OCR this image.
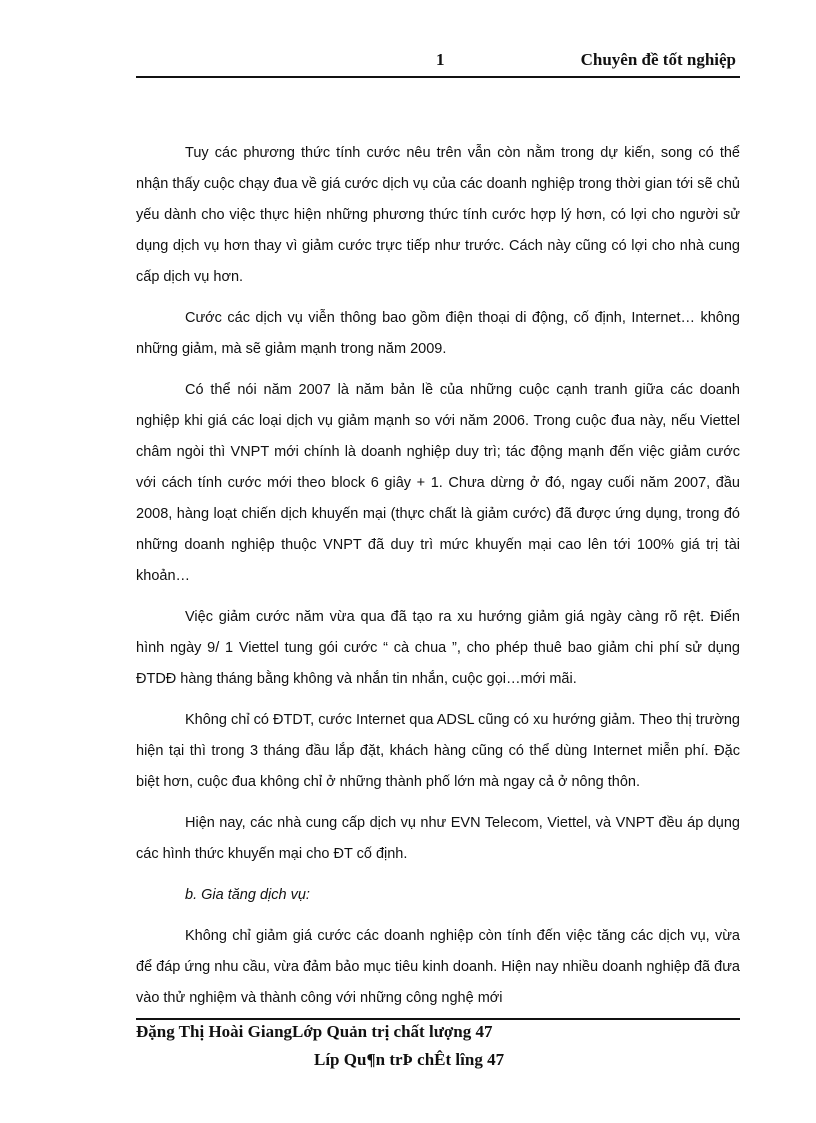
1	Chuyên đề tốt nghiệp

Tuy các phương thức tính cước nêu trên vẫn còn nằm trong dự kiến, song có thể nhận thấy cuộc chạy đua về giá cước dịch vụ của các doanh nghiệp trong thời gian tới sẽ chủ yếu dành cho việc thực hiện những phương thức tính cước hợp lý hơn, có lợi cho người sử dụng dịch vụ hơn thay vì giảm cước trực tiếp như trước. Cách này cũng có lợi cho nhà cung cấp dịch vụ hơn.

Cước các dịch vụ viễn thông bao gồm điện thoại di động, cố định, Internet… không những giảm, mà sẽ giảm mạnh trong năm 2009.

Có thể nói năm 2007 là năm bản lề của những cuộc cạnh tranh giữa các doanh nghiệp khi giá các loại dịch vụ giảm mạnh so với năm 2006. Trong cuộc đua này, nếu Viettel châm ngòi thì VNPT mới chính là doanh nghiệp duy trì; tác động mạnh đến việc giảm cước với cách tính cước mới theo block 6 giây + 1. Chưa dừng ở đó, ngay cuối năm 2007, đầu 2008, hàng loạt chiến dịch khuyến mại (thực chất là giảm cước) đã được ứng dụng, trong đó những doanh nghiệp thuộc VNPT đã duy trì mức khuyến mại cao lên tới 100% giá trị tài khoản…

Việc giảm cước năm vừa qua đã tạo ra xu hướng giảm giá ngày càng rõ rệt. Điển hình ngày 9/ 1 Viettel tung gói cước “ cà chua ”, cho phép thuê bao giảm chi phí sử dụng ĐTDĐ hàng tháng bằng không và nhắn tin nhắn, cuộc gọi…mới mãi.

Không chỉ có ĐTDT, cước Internet qua ADSL cũng có xu hướng giảm. Theo thị trường hiện tại thì trong 3 tháng đầu lắp đặt, khách hàng cũng có thể dùng Internet miễn phí. Đặc biệt hơn, cuộc đua không chỉ ở những thành phố lớn mà ngay cả ở nông thôn.

Hiện nay, các nhà cung cấp dịch vụ như EVN Telecom, Viettel, và VNPT đều áp dụng các hình thức khuyến mại cho ĐT cố định.

b. Gia tăng dịch vụ:

Không chỉ giảm giá cước các doanh nghiệp còn tính đến việc tăng các dịch vụ, vừa để đáp ứng nhu cầu, vừa đảm bảo mục tiêu kinh doanh. Hiện nay nhiều doanh nghiệp đã đưa vào thử nghiệm và thành công với những công nghệ mới

Đặng Thị Hoài GiangLớp Quản trị chất lượng 47
Líp Qu¶n trÞ chÊt lîng 47
